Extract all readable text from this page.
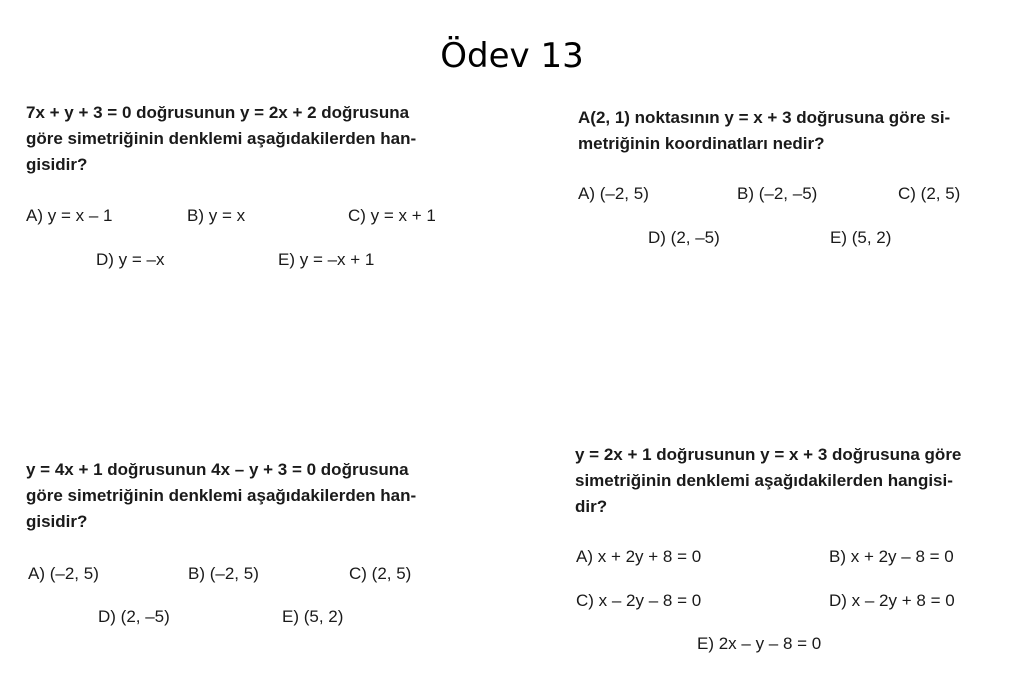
Ödev 13

7x + y + 3 = 0 doğrusunun y = 2x + 2 doğrusuna
göre simetriğinin denklemi aşağıdakilerden han-
gisidir?

A) y = x – 1	B) y = x	C) y = x + 1
D) y = –x	E) y = –x + 1

A(2, 1) noktasının y = x + 3 doğrusuna göre si-
metriğinin koordinatları nedir?

A) (–2, 5)	B) (–2, –5)	C) (2, 5)
D) (2, –5)	E) (5, 2)

y = 4x + 1 doğrusunun 4x – y + 3 = 0 doğrusuna
göre simetriğinin denklemi aşağıdakilerden han-
gisidir?

A) (–2, 5)	B) (–2, 5)	C) (2, 5)
D) (2, –5)	E) (5, 2)

y = 2x + 1 doğrusunun y = x + 3 doğrusuna göre
simetriğinin denklemi aşağıdakilerden hangisi-
dir?

A) x + 2y + 8 = 0	B) x + 2y – 8 = 0
C) x – 2y – 8 = 0	D) x – 2y + 8 = 0
E) 2x – y – 8 = 0
